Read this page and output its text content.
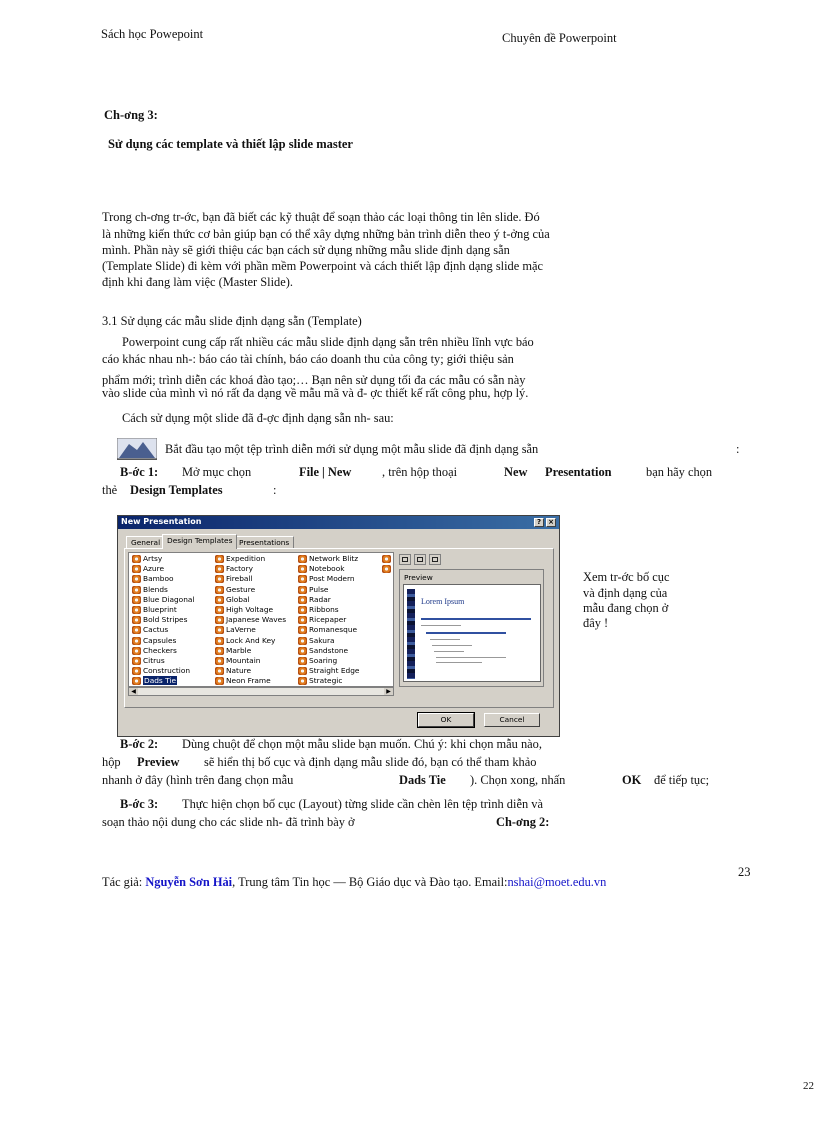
Sách học Powepoint	Chuyên đề Powerpoint
Ch-ơng 3:
Sử dụng các template và thiết lập slide master
Trong ch-ơng tr-ớc, bạn đã biết các kỹ thuật để soạn thảo các loại thông tin lên slide. Đó
là những kiến thức cơ bản giúp bạn có thể xây dựng những bản trình diễn theo ý t-ởng của
mình. Phần này sẽ giới thiệu các bạn cách sử dụng những mẫu slide định dạng sẵn
(Template Slide) đi kèm với phần mềm Powerpoint và cách thiết lập định dạng slide mặc
định khi đang làm việc (Master Slide).
3.1 Sử dụng các mẫu slide định dạng sẵn (Template)
Powerpoint cung cấp rất nhiều các mẫu slide định dạng sẵn trên nhiều lĩnh vực báo
cáo khác nhau nh-: báo cáo tài chính, báo cáo doanh thu của công ty; giới thiệu sản
phẩm mới; trình diễn các khoá đào tạo;… Bạn nên sử dụng tối đa các mẫu có sẵn này
vào slide của mình vì nó rất đa dạng về mẫu mã và đ- ợc thiết kế rất công phu, hợp lý.
Cách sử dụng một slide đã đ-ợc định dạng sẵn nh- sau:
Bắt đầu tạo một tệp trình diễn mới sử dụng một mẫu slide đã định dạng sẵn	:
B-ớc 1: Mở mục chọn	File | New , trên hộp thoại	New Presentation	bạn hãy chọn
thẻ Design Templates	:
New Presentation	?	×
General Design Templates Presentations
Artsy
Azure
Bamboo
Blends
Blue Diagonal
Blueprint
Bold Stripes
Cactus
Capsules
Checkers
Citrus
Construction
Dads Tie
Expedition
Factory
Fireball
Gesture
Global
High Voltage
Japanese Waves
LaVerne
Lock And Key
Marble
Mountain
Nature
Neon Frame
Network Blitz
Notebook
Post Modern
Pulse
Radar
Ribbons
Ricepaper
Romanesque
Sakura
Sandstone
Soaring
Straight Edge
Strategic
◀	▶
Preview
Lorem Ipsum
OK	Cancel
Xem tr-ớc bố cục
và định dạng của
mẫu đang chọn ở
đây !
B-ớc 2: Dùng chuột để chọn một mẫu slide bạn muốn. Chú ý: khi chọn mẫu nào,
hộp Preview sẽ hiển thị bố cục và định dạng mẫu slide đó, bạn có thể tham khảo
nhanh ở đây (hình trên đang chọn mẫu	Dads Tie ). Chọn xong, nhấn	OK để tiếp tục;
B-ớc 3: Thực hiện chọn bố cục (Layout) từng slide cần chèn lên tệp trình diễn và
soạn thảo nội dung cho các slide nh- đã trình bày ở	Ch-ơng 2:
23
Tác giả: Nguyễn Sơn Hải, Trung tâm Tin học — Bộ Giáo dục và Đào tạo. Email:nshai@moet.edu.vn
22
